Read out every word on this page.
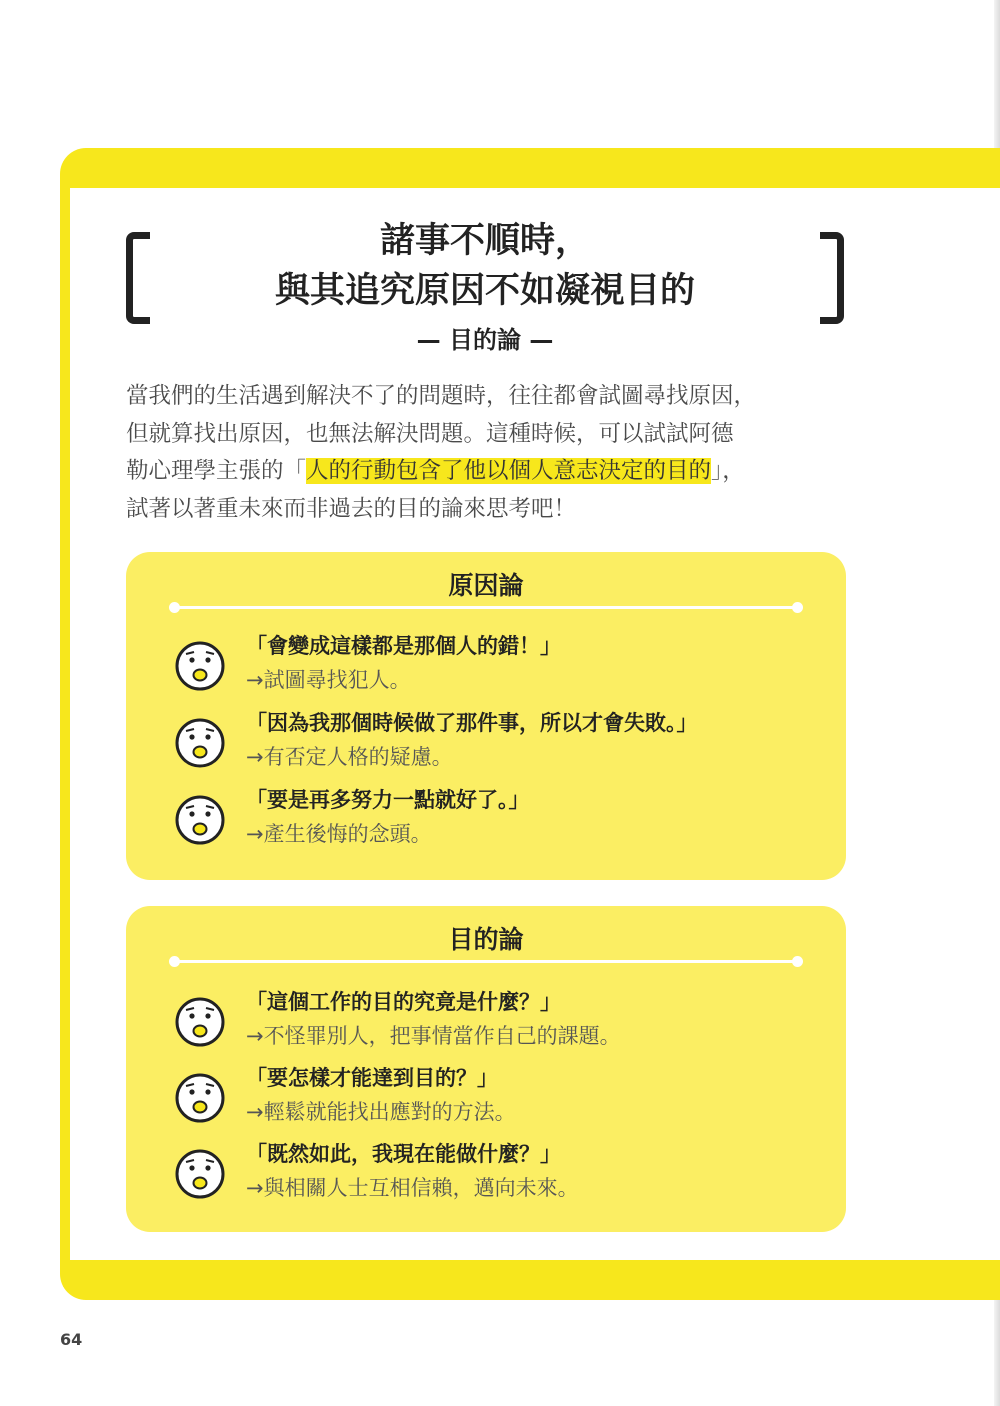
諸事不順時，
與其追究原因不如凝視目的
— 目的論 —
當我們的生活遇到解決不了的問題時，往往都會試圖尋找原因，
但就算找出原因，也無法解決問題。這種時候，可以試試阿德
勒心理學主張的「人的行動包含了他以個人意志決定的目的」，
試著以著重未來而非過去的目的論來思考吧！
原因論
「會變成這樣都是那個人的錯！」
→試圖尋找犯人。
「因為我那個時候做了那件事，所以才會失敗。」
→有否定人格的疑慮。
「要是再多努力一點就好了。」
→產生後悔的念頭。
目的論
「這個工作的目的究竟是什麼？」
→不怪罪別人，把事情當作自己的課題。
「要怎樣才能達到目的？」
→輕鬆就能找出應對的方法。
「既然如此，我現在能做什麼？」
→與相關人士互相信賴，邁向未來。
64
